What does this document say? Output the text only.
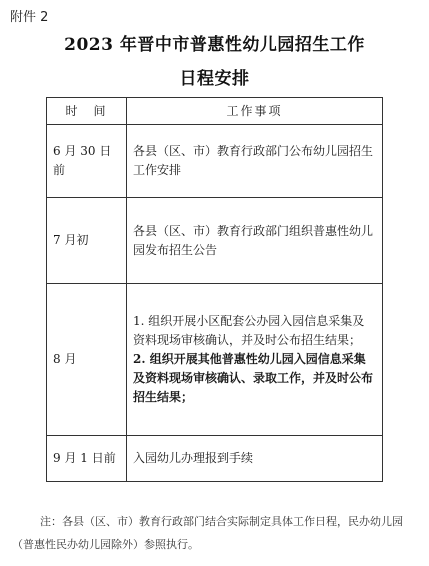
附件 2
2023 年晋中市普惠性幼儿园招生工作
日程安排
时　间	工作事项
6 月 30 日前	各县（区、市）教育行政部门公布幼儿园招生工作安排
7 月初	各县（区、市）教育行政部门组织普惠性幼儿园发布招生公告
8 月	1. 组织开展小区配套公办园入园信息采集及资料现场审核确认，并及时公布招生结果；
2. 组织开展其他普惠性幼儿园入园信息采集及资料现场审核确认、录取工作，并及时公布招生结果；

9 月 1 日前	入园幼儿办理报到手续
注：各县（区、市）教育行政部门结合实际制定具体工作日程，民办幼儿园（普惠性民办幼儿园除外）参照执行。
